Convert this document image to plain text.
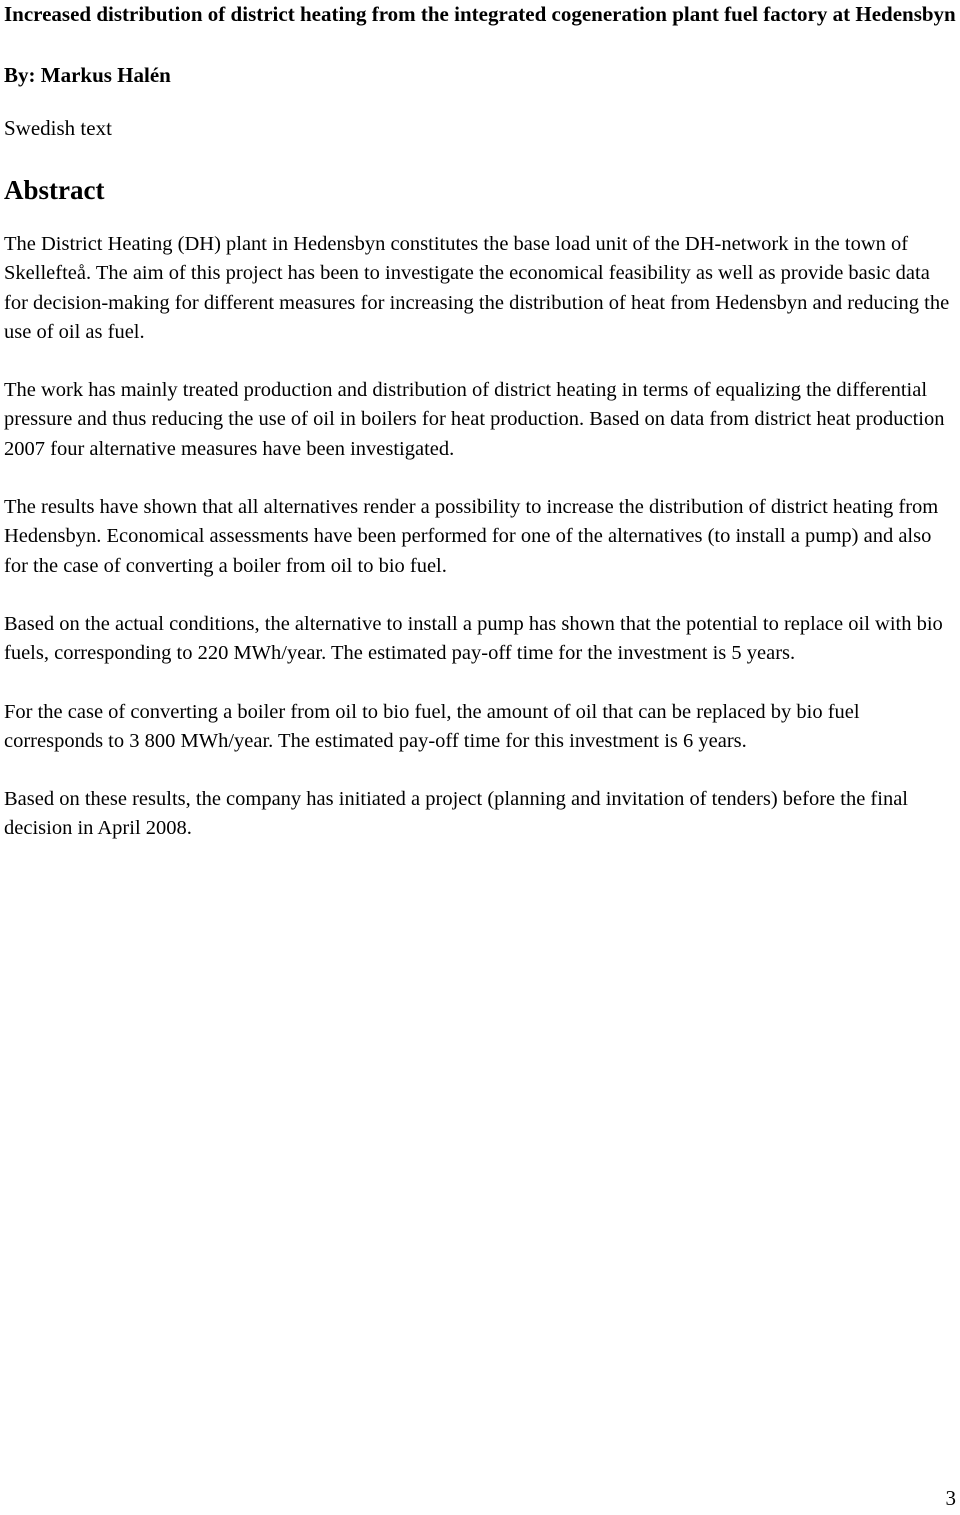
Increased distribution of district heating from the integrated cogeneration plant fuel factory at Hedensbyn

By: Markus Halén

Swedish text

Abstract

The District Heating (DH) plant in Hedensbyn constitutes the base load unit of the DH-network in the town of Skellefteå. The aim of this project has been to investigate the economical feasibility as well as provide basic data for decision-making for different measures for increasing the distribution of heat from Hedensbyn and reducing the use of oil as fuel.

The work has mainly treated production and distribution of district heating in terms of equalizing the differential pressure and thus reducing the use of oil in boilers for heat production. Based on data from district heat production 2007 four alternative measures have been investigated.

The results have shown that all alternatives render a possibility to increase the distribution of district heating from Hedensbyn. Economical assessments have been performed for one of the alternatives (to install a pump) and also for the case of converting a boiler from oil to bio fuel.

Based on the actual conditions, the alternative to install a pump has shown that the potential to replace oil with bio fuels, corresponding to 220 MWh/year. The estimated pay-off time for the investment is 5 years.

For the case of converting a boiler from oil to bio fuel, the amount of oil that can be replaced by bio fuel corresponds to 3 800 MWh/year. The estimated pay-off time for this investment is 6 years.

Based on these results, the company has initiated a project (planning and invitation of tenders) before the final decision in April 2008.

3
